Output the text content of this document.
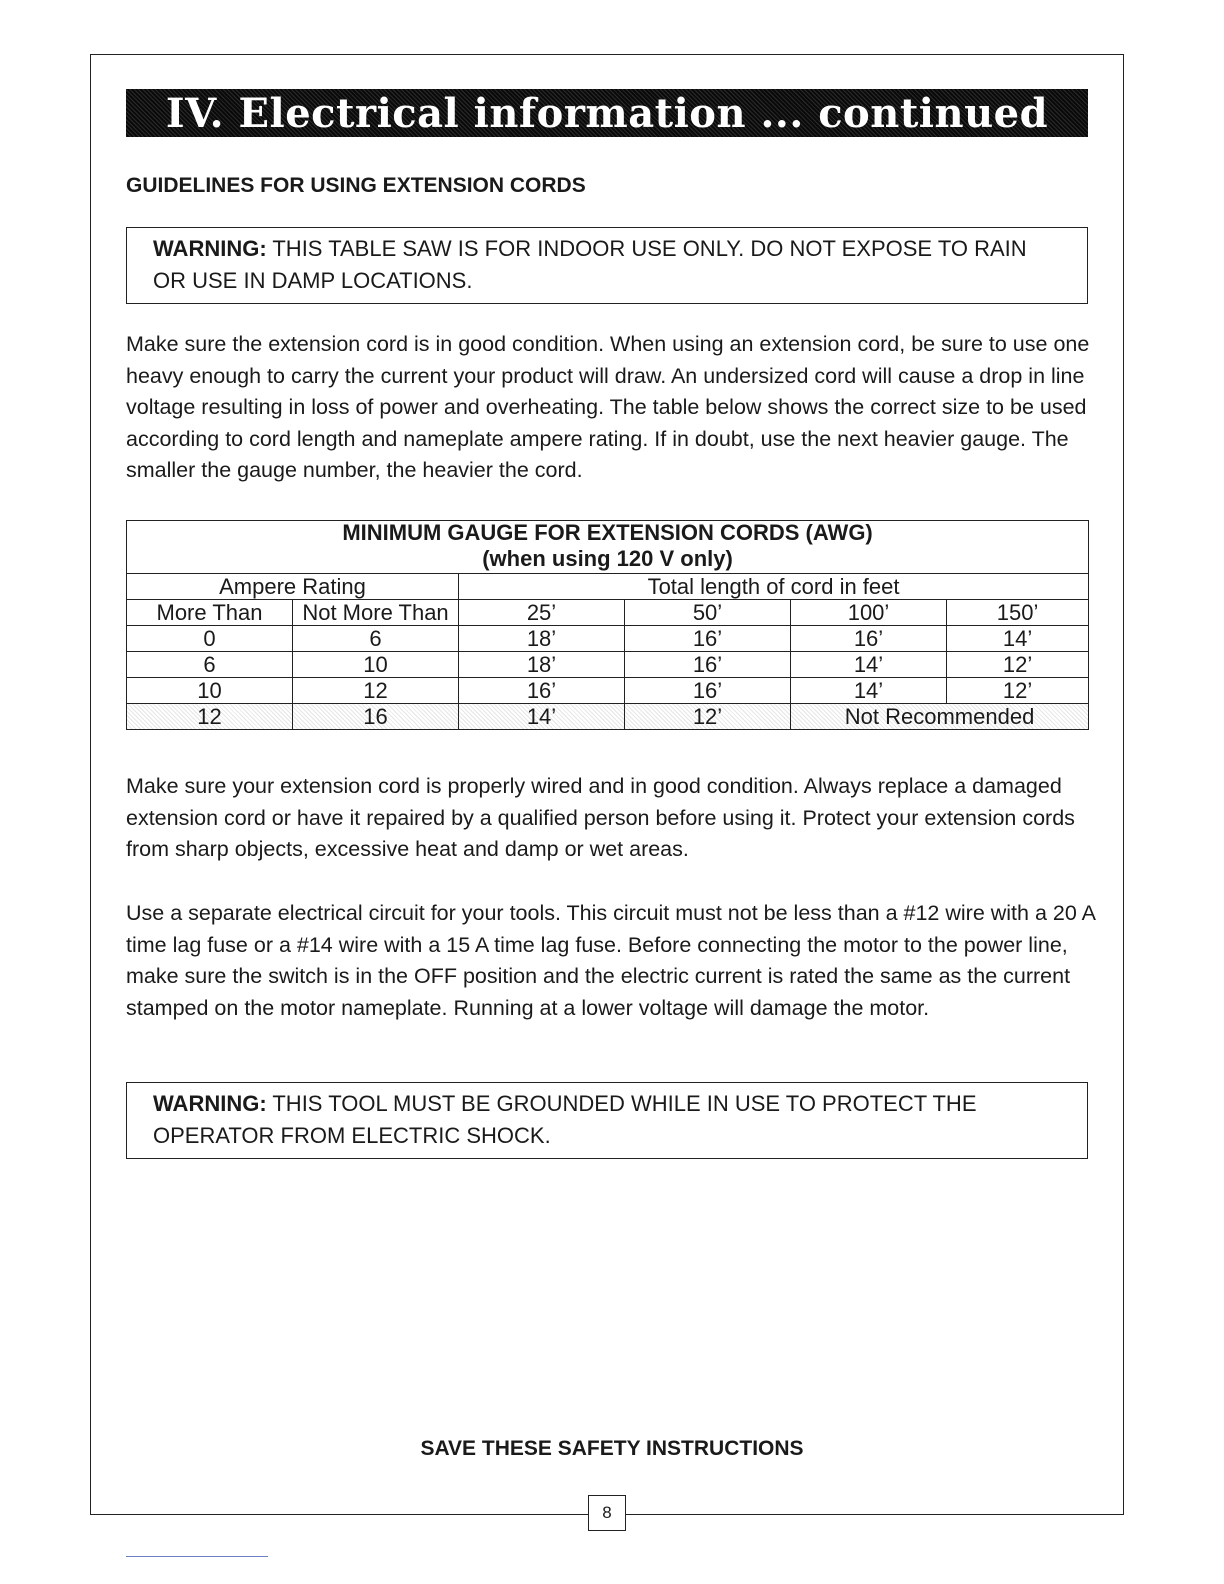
IV. Electrical information ... continued
GUIDELINES FOR USING EXTENSION CORDS
WARNING: THIS TABLE SAW IS FOR INDOOR USE ONLY. DO NOT EXPOSE TO RAIN OR USE IN DAMP LOCATIONS.

Make sure the extension cord is in good condition. When using an extension cord, be sure to use one heavy enough to carry the current your product will draw. An undersized cord will cause a drop in line voltage resulting in loss of power and overheating. The table below shows the correct size to be used according to cord length and nameplate ampere rating. If in doubt, use the next heavier gauge. The smaller the gauge number, the heavier the cord.

MINIMUM GAUGE FOR EXTENSION CORDS (AWG)					
(when using 120 V only)					
Ampere Rating		Total length of cord in feet			
More Than	Not More Than	25’	50’	100’	150’
0	6	18’	16’	16’	14’
6	10	18’	16’	14’	12’
10	12	16’	16’	14’	12’
12	16	14’	12’	Not Recommended	

Make sure your extension cord is properly wired and in good condition. Always replace a damaged extension cord or have it repaired by a qualified person before using it. Protect your extension cords from sharp objects, excessive heat and damp or wet areas.

Use a separate electrical circuit for your tools. This circuit must not be less than a #12 wire with a 20 A time lag fuse or a #14 wire with a 15 A time lag fuse. Before connecting the motor to the power line, make sure the switch is in the OFF position and the electric current is rated the same as the current stamped on the motor nameplate. Running at a lower voltage will damage the motor.

WARNING: THIS TOOL MUST BE GROUNDED WHILE IN USE TO PROTECT THE OPERATOR FROM ELECTRIC SHOCK.

SAVE THESE SAFETY INSTRUCTIONS

8
